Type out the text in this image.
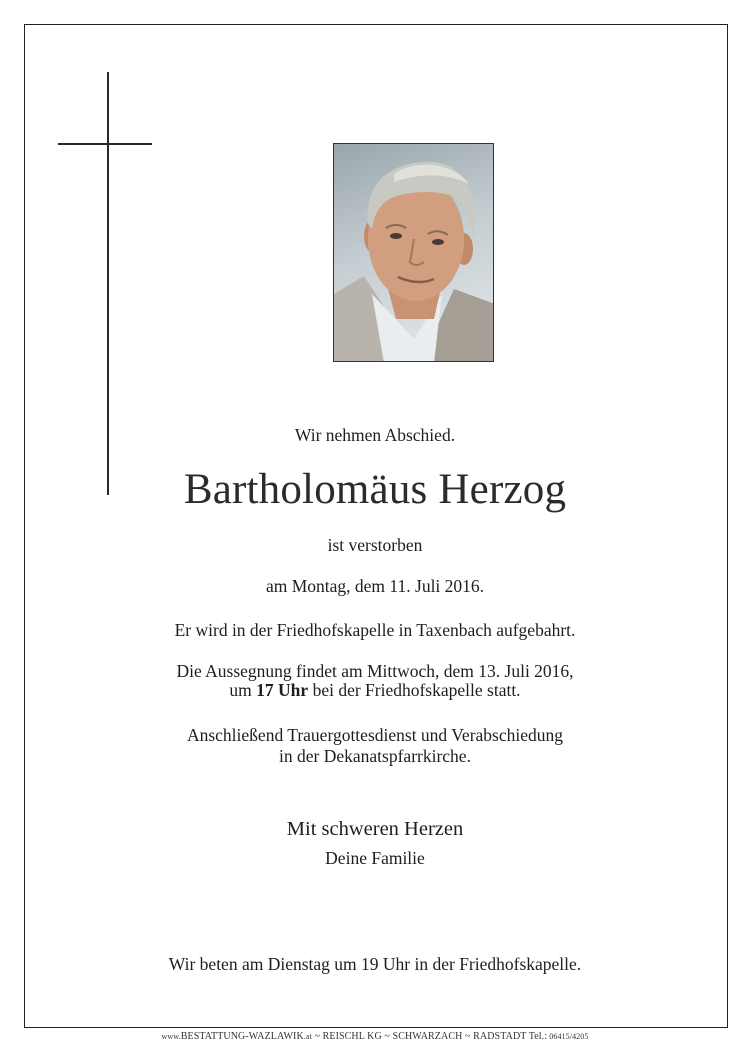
Wir nehmen Abschied.
Bartholomäus Herzog
ist verstorben
am Montag, dem 11. Juli 2016.
Er wird in der Friedhofskapelle in Taxenbach aufgebahrt.
Die Aussegnung findet am Mittwoch, dem 13. Juli 2016,
um 17 Uhr bei der Friedhofskapelle statt.
Anschließend Trauergottesdienst und Verabschiedung
in der Dekanatspfarrkirche.
Mit schweren Herzen
Deine Familie
Wir beten am Dienstag um 19 Uhr in der Friedhofskapelle.
www.BESTATTUNG-WAZLAWIK.at ~ REISCHL KG ~ SCHWARZACH ~ RADSTADT Tel.: 06415/4205
